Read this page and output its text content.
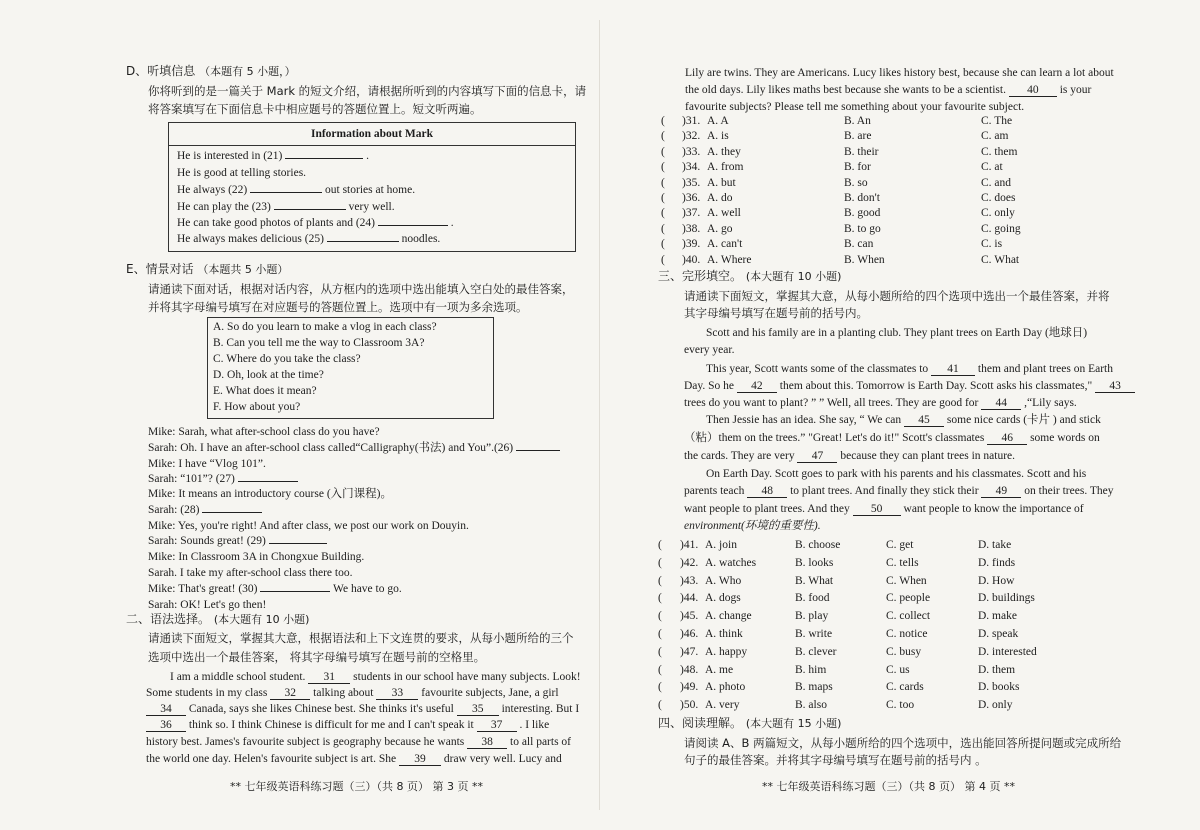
D、听填信息 （本题有 5 小题，）
你将听到的是一篇关于 Mark 的短文介绍，请根据所听到的内容填写下面的信息卡，请
将答案填写在下面信息卡中相应题号的答题位置上。短文听两遍。
Information about Mark
He is interested in (21)	.
He is good at telling stories.
He always (22)	out stories at home.
He can play the (23)	very well.
He can take good photos of plants and (24)	.
He always makes delicious (25)	noodles.
E、情景对话 （本题共 5 小题）
请通读下面对话，根据对话内容，从方框内的选项中选出能填入空白处的最佳答案，
并将其字母编号填写在对应题号的答题位置上。选项中有一项为多余选项。
A. So do you learn to make a vlog in each class?
B. Can you tell me the way to Classroom 3A?
C. Where do you take the class?
D. Oh, look at the time?
E. What does it mean?
F. How about you?
Mike: Sarah, what after-school class do you have?
Sarah: Oh. I have an after-school class called“Calligraphy(书法) and You”.(26)
Mike: I have “Vlog 101”.
Sarah: “101”? (27)
Mike: It means an introductory course (入门课程)。
Sarah: (28)
Mike: Yes, you're right! And after class, we post our work on Douyin.
Sarah: Sounds great! (29)
Mike: In Classroom 3A in Chongxue Building.
Sarah. I take my after-school class there too.
Mike: That's great! (30)	We have to go.
Sarah: OK! Let's go then!
二、语法选择。 (本大题有 10 小题)
请通读下面短文，掌握其大意，根据语法和上下文连贯的要求，从每小题所给的三个
选项中选出一个最佳答案， 将其字母编号填写在题号前的空格里。
I am a middle school student. 31 students in our school have many subjects. Look!
Some students in my class 32 talking about 33 favourite subjects, Jane, a girl
34 Canada, says she likes Chinese best. She thinks it's useful 35 interesting. But I
36 think so. I think Chinese is difficult for me and I can't speak it 37 . I like
history best. James's favourite subject is geography because he wants 38 to all parts of
the world one day. Helen's favourite subject is art. She 39 draw very well. Lucy and
** 七年级英语科练习题（三）（共 8 页） 第 3 页 **
Lily are twins. They are Americans. Lucy likes history best, because she can learn a lot about
the old days. Lily likes maths best because she wants to be a scientist. 40 is your
favourite subjects? Please tell me something about your favourite subject.
( )31. A. A	B. An	C. The
( )32. A. is	B. are	C. am
( )33. A. they	B. their	C. them
( )34. A. from	B. for	C. at
( )35. A. but	B. so	C. and
( )36. A. do	B. don't	C. does
( )37. A. well	B. good	C. only
( )38. A. go	B. to go	C. going
( )39. A. can't	B. can	C. is
( )40. A. Where	B. When	C. What
三、完形填空。 (本大题有 10 小题)
请通读下面短文，掌握其大意，从每小题所给的四个选项中选出一个最佳答案，并将
其字母编号填写在题号前的括号内。
Scott and his family are in a planting club. They plant trees on Earth Day (地球日)
every year.
This year, Scott wants some of the classmates to 41 them and plant trees on Earth
Day. So he 42 them about this. Tomorrow is Earth Day. Scott asks his classmates," 43
trees do you want to plant? ” ” Well, all trees. They are good for 44 ,“Lily says.
Then Jessie has an idea. She say, “ We can 45 some nice cards (卡片 ) and stick
（粘）them on the trees.” "Great! Let's do it!" Scott's classmates 46 some words on
the cards. They are very 47 because they can plant trees in nature.
On Earth Day. Scott goes to park with his parents and his classmates. Scott and his
parents teach 48 to plant trees. And finally they stick their 49 on their trees. They
want people to plant trees. And they 50 want people to know the importance of
environment(环境的重要性).
( )41. A. join	B. choose	C. get	D. take
( )42. A. watches	B. looks	C. tells	D. finds
( )43. A. Who	B. What	C. When	D. How
( )44. A. dogs	B. food	C. people	D. buildings
( )45. A. change	B. play	C. collect	D. make
( )46. A. think	B. write	C. notice	D. speak
( )47. A. happy	B. clever	C. busy	D. interested
( )48. A. me	B. him	C. us	D. them
( )49. A. photo	B. maps	C. cards	D. books
( )50. A. very	B. also	C. too	D. only
四、阅读理解。 (本大题有 15 小题)
请阅读 A、B 两篇短文，从每小题所给的四个选项中，选出能回答所提问题或完成所给
句子的最佳答案。并将其字母编号填写在题号前的括号内 。
** 七年级英语科练习题（三）（共 8 页） 第 4 页 **
